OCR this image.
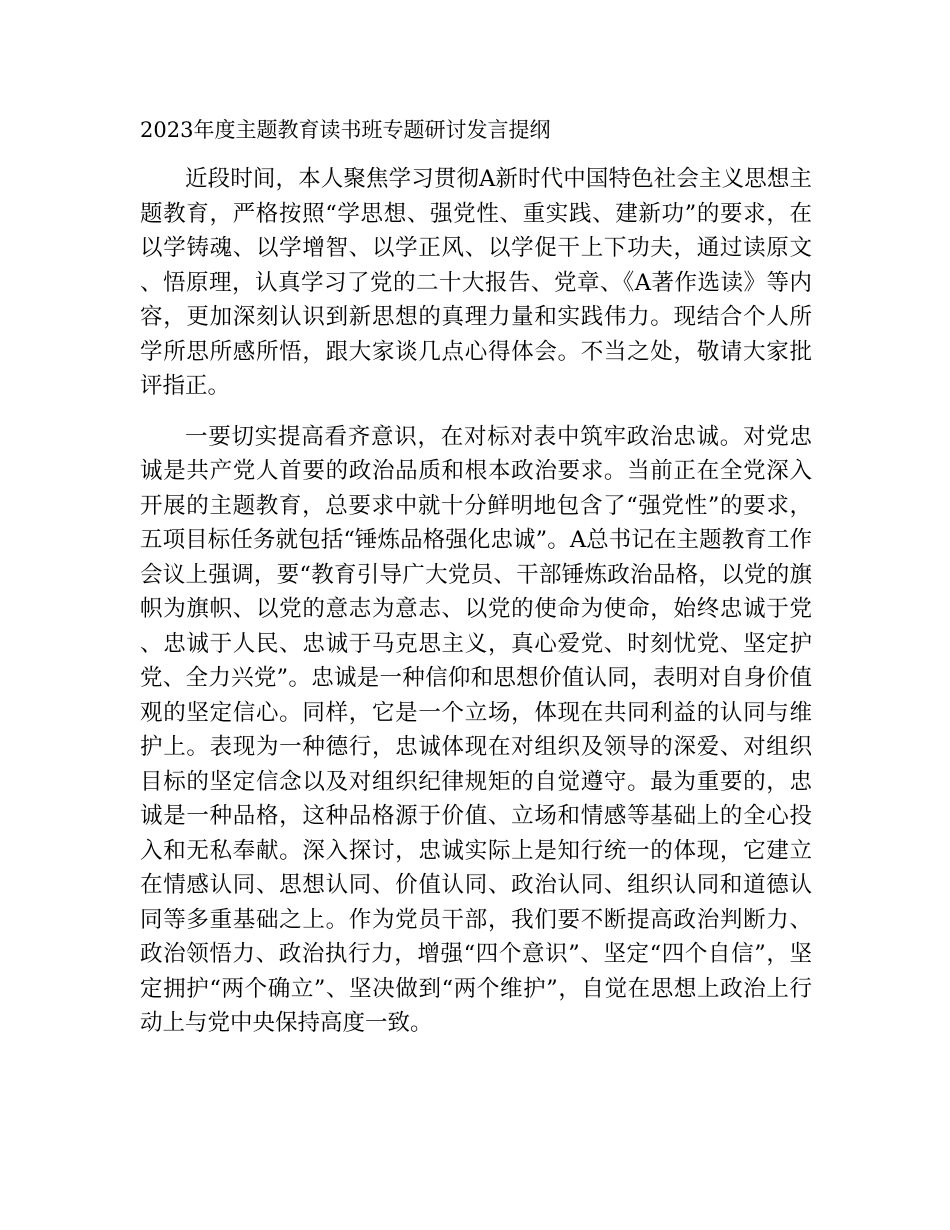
2023年度主题教育读书班专题研讨发言提纲

近段时间，本人聚焦学习贯彻A新时代中国特色社会主义思想主题教育，严格按照“学思想、强党性、重实践、建新功”的要求，在以学铸魂、以学增智、以学正风、以学促干上下功夫，通过读原文、悟原理，认真学习了党的二十大报告、党章、《A著作选读》等内容，更加深刻认识到新思想的真理力量和实践伟力。现结合个人所学所思所感所悟，跟大家谈几点心得体会。不当之处，敬请大家批评指正。

一要切实提高看齐意识，在对标对表中筑牢政治忠诚。对党忠诚是共产党人首要的政治品质和根本政治要求。当前正在全党深入开展的主题教育，总要求中就十分鲜明地包含了“强党性”的要求，五项目标任务就包括“锤炼品格强化忠诚”。A总书记在主题教育工作会议上强调，要“教育引导广大党员、干部锤炼政治品格，以党的旗帜为旗帜、以党的意志为意志、以党的使命为使命，始终忠诚于党、忠诚于人民、忠诚于马克思主义，真心爱党、时刻忧党、坚定护党、全力兴党”。忠诚是一种信仰和思想价值认同，表明对自身价值观的坚定信心。同样，它是一个立场，体现在共同利益的认同与维护上。表现为一种德行，忠诚体现在对组织及领导的深爱、对组织目标的坚定信念以及对组织纪律规矩的自觉遵守。最为重要的，忠诚是一种品格，这种品格源于价值、立场和情感等基础上的全心投入和无私奉献。深入探讨，忠诚实际上是知行统一的体现，它建立在情感认同、思想认同、价值认同、政治认同、组织认同和道德认同等多重基础之上。作为党员干部，我们要不断提高政治判断力、政治领悟力、政治执行力，增强“四个意识”、坚定“四个自信”，坚定拥护“两个确立”、坚决做到“两个维护”，自觉在思想上政治上行动上与党中央保持高度一致。
